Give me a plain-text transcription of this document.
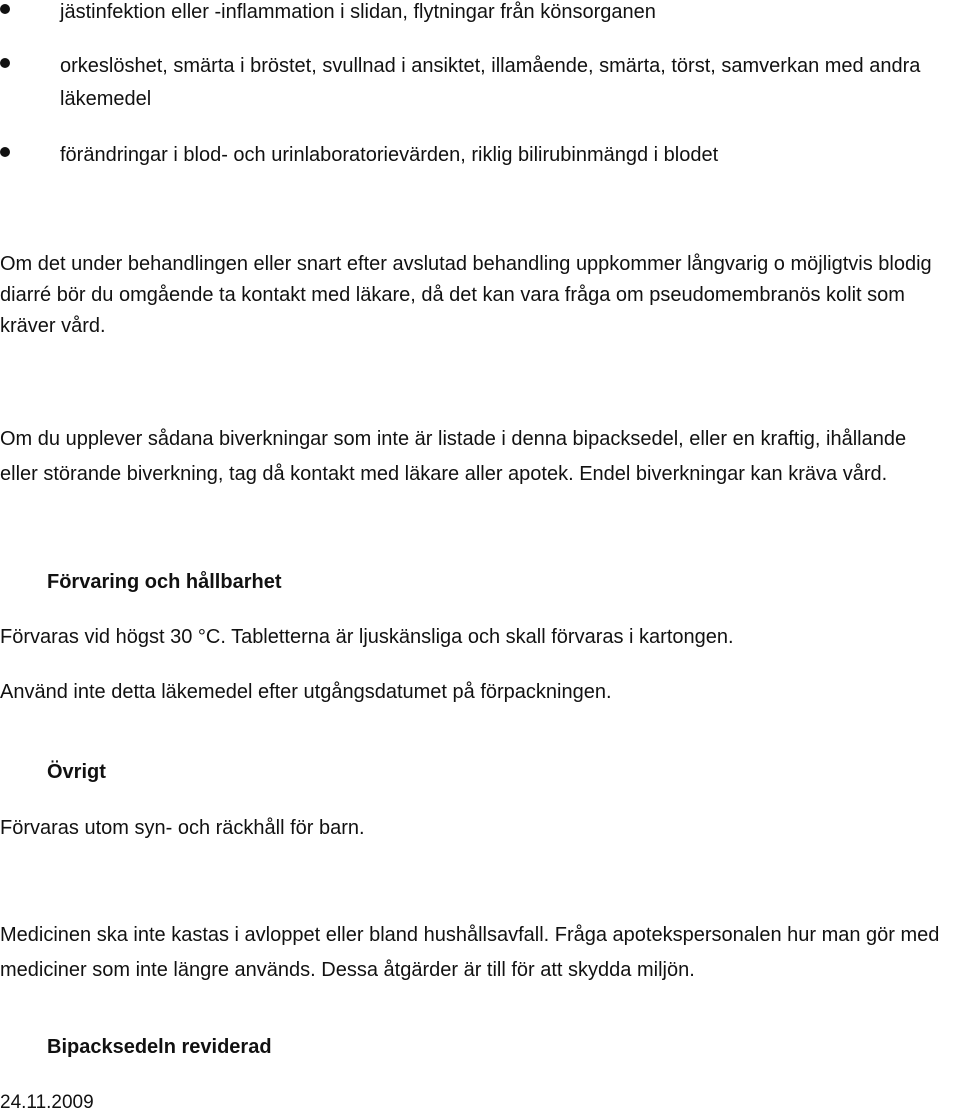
jästinfektion eller -inflammation i slidan, flytningar från könsorganen
orkeslöshet, smärta i bröstet, svullnad i ansiktet, illamående, smärta, törst, samverkan med andra läkemedel
förändringar i blod- och urinlaboratorievärden, riklig bilirubinmängd i blodet

Om det under behandlingen eller snart efter avslutad behandling uppkommer långvarig o möjligtvis blodig diarré bör du omgående ta kontakt med läkare, då det kan vara fråga om pseudomembranös kolit som kräver vård.

Om du upplever sådana biverkningar som inte är listade i denna bipacksedel, eller en kraftig, ihållande eller störande biverkning, tag då kontakt med läkare aller apotek. Endel biverkningar kan kräva vård.

Förvaring och hållbarhet

Förvaras vid högst 30 °C. Tabletterna är ljuskänsliga och skall förvaras i kartongen.

Använd inte detta läkemedel efter utgångsdatumet på förpackningen.

Övrigt

Förvaras utom syn- och räckhåll för barn.

Medicinen ska inte kastas i avloppet eller bland hushållsavfall. Fråga apotekspersonalen hur man gör med mediciner som inte längre används. Dessa åtgärder är till för att skydda miljön.

Bipacksedeln reviderad
24.11.2009
